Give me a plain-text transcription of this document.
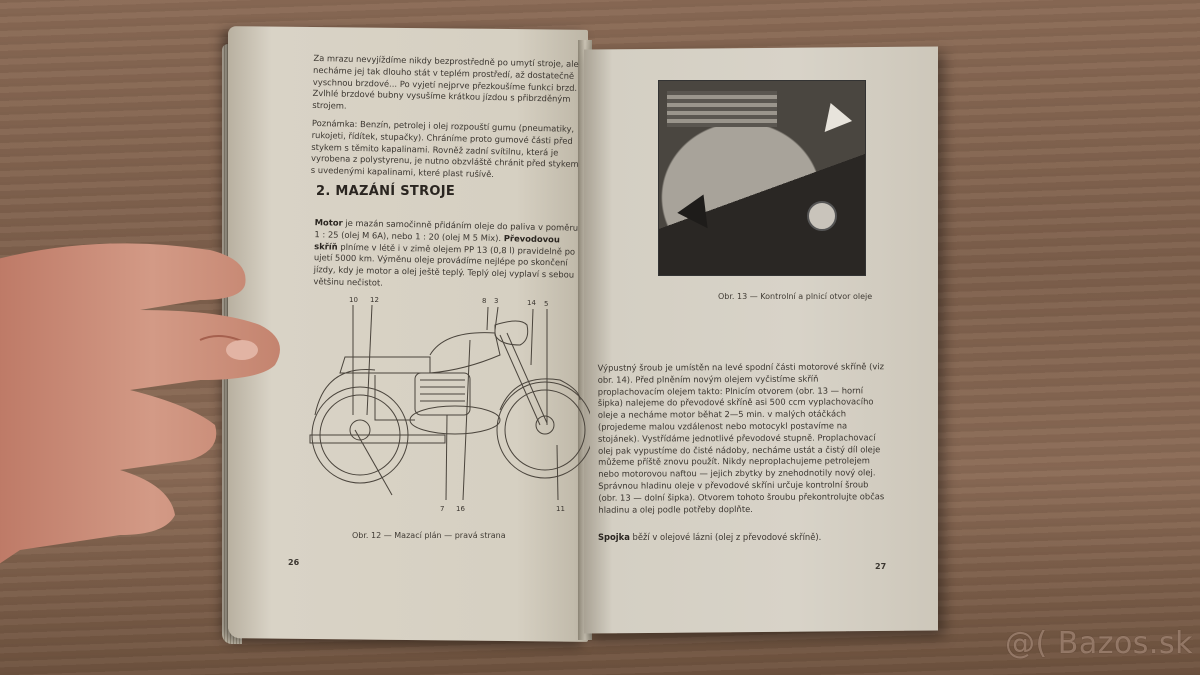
Za mrazu nevyjíždíme nikdy bezprostředně po umytí stroje, ale necháme jej tak dlouho stát v teplém prostředí, až dostatečně vyschnou brzdové... Po vyjetí nejprve přezkoušíme funkci brzd. Zvlhlé brzdové bubny vysušíme krátkou jízdou s přibrzděným strojem.

Poznámka: Benzín, petrolej i olej rozpouští gumu (pneumatiky, rukojeti, řídítek, stupačky). Chráníme proto gumové části před stykem s těmito kapalinami. Rovněž zadní svítilnu, která je vyrobena z polystyrenu, je nutno obzvláště chránit před stykem s uvedenými kapalinami, které plast rušívě.

2. MAZÁNÍ STROJE
Motor je mazán samočinně přidáním oleje do paliva v poměru 1 : 25 (olej M 6A), nebo 1 : 20 (olej M 5 Mix). Převodovou skříň plníme v létě i v zimě olejem PP 13 (0,8 l) pravidelně po ujetí 5000 km. Výměnu oleje provádíme nejlépe po skončení jízdy, kdy je motor a olej ještě teplý. Teplý olej vyplaví s sebou většinu nečistot.
10 12	8 3	14 5
7 16	11
Obr. 12 — Mazací plán — pravá strana
26
Obr. 13 — Kontrolní a plnicí otvor oleje
Výpustný šroub je umístěn na levé spodní části motorové skříně (viz obr. 14). Před plněním novým olejem vyčistíme skříň proplachovacím olejem takto: Plnicím otvorem (obr. 13 — horní šipka) nalejeme do převodové skříně asi 500 ccm vyplachovacího oleje a necháme motor běhat 2—5 min. v malých otáčkách (projedeme malou vzdálenost nebo motocykl postavíme na stojánek). Vystřídáme jednotlivé převodové stupně. Proplachovací olej pak vypustíme do čisté nádoby, necháme ustát a čistý díl oleje můžeme příště znovu použít. Nikdy nepropIachujeme petrolejem nebo motorovou naftou — jejich zbytky by znehodnotily nový olej. Správnou hladinu oleje v převodové skříni určuje kontrolní šroub (obr. 13 — dolní šipka). Otvorem tohoto šroubu překontrolujte občas hladinu a olej podle potřeby doplňte.
Spojka běží v olejové lázni (olej z převodové skříně).
27
@( Bazos.sk
